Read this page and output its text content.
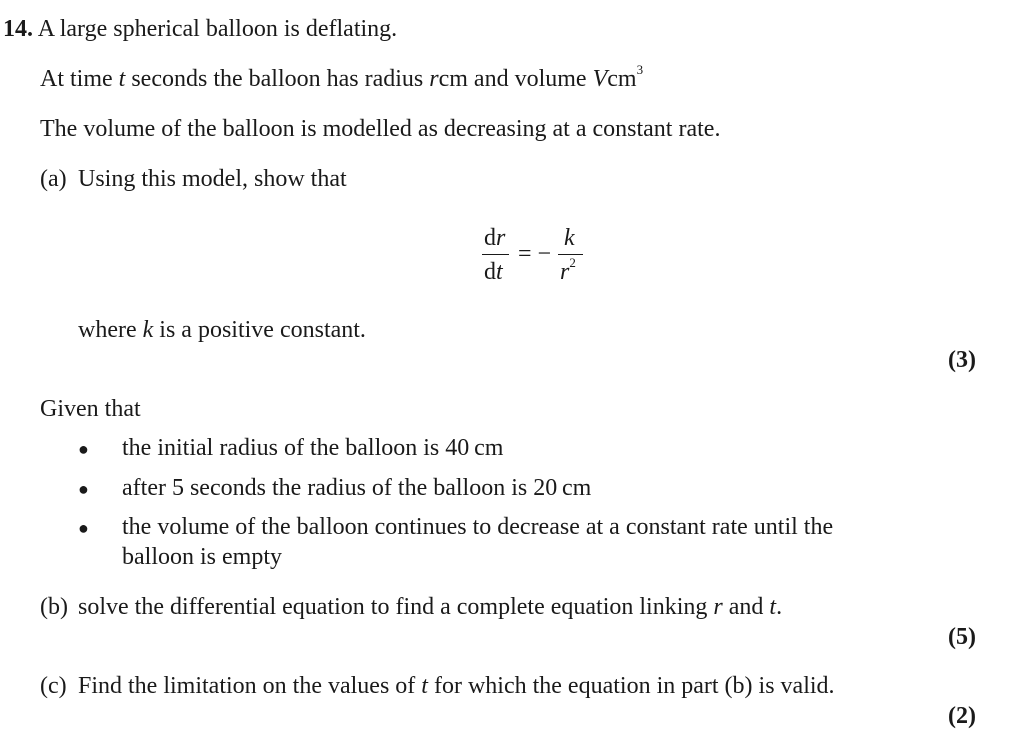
14. A large spherical balloon is deflating.
At time t seconds the balloon has radius rcm and volume Vcm$^3$
The volume of the balloon is modelled as decreasing at a constant rate.
(a) Using this model, show that
dr
dt
= −
k
$r^2$
where k is a positive constant.
(3)
Given that
● the initial radius of the balloon is 40 cm
● after 5 seconds the radius of the balloon is 20 cm
● the volume of the balloon continues to decrease at a constant rate until the
balloon is empty
(b) solve the differential equation to find a complete equation linking r and t.
(5)
(c) Find the limitation on the values of t for which the equation in part (b) is valid.
(2)
